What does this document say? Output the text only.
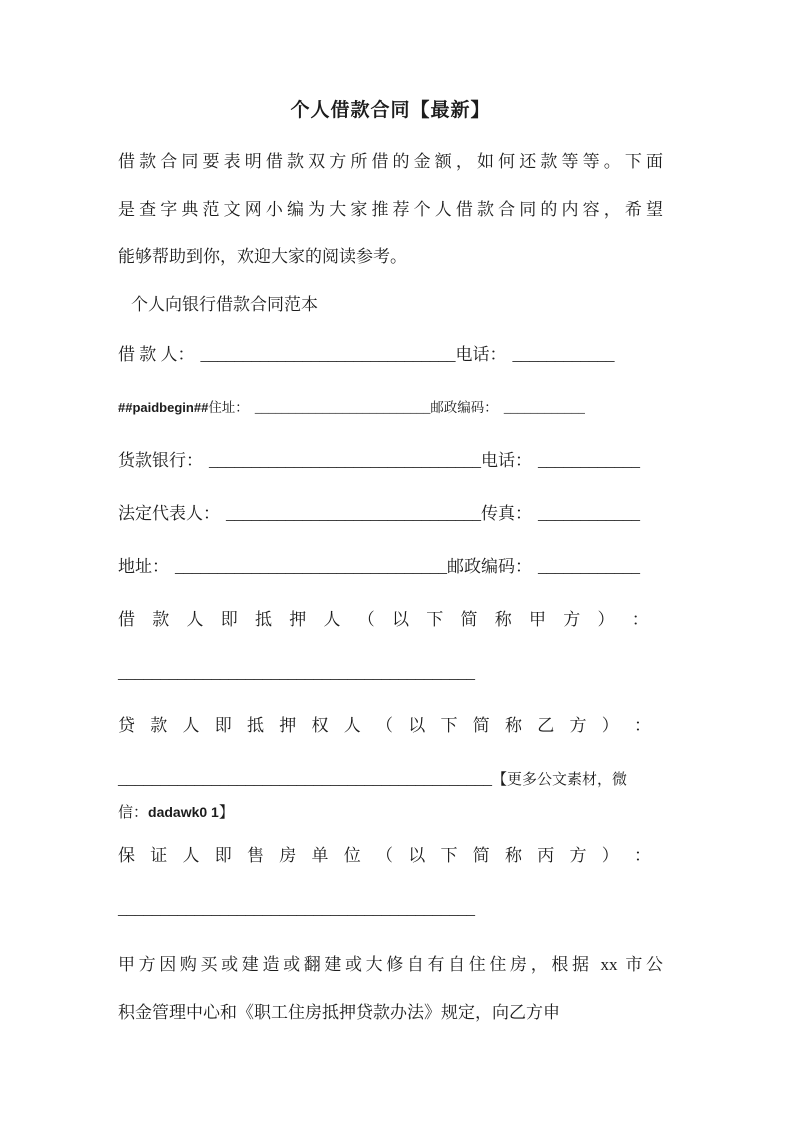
个人借款合同【最新】
借款合同要表明借款双方所借的金额，如何还款等等。下面
是查字典范文网小编为大家推荐个人借款合同的内容，希望
能够帮助到你，欢迎大家的阅读参考。
个人向银行借款合同范本
借 款 人： ______________________________电话： ____________
##paidbegin##住址： __________________________邮政编码： ____________
货款银行： ________________________________电话： ____________
法定代表人： ______________________________传真： ____________
地址： ________________________________邮政编码： ____________
借 款 人 即 抵 押 人 （ 以 下 简 称 甲 方 ） ：
__________________________________________
贷 款 人 即 抵 押 权 人 （ 以 下 简 称 乙 方 ） ：
____________________________________________【更多公文素材，微
信：dadawk0 1】
保 证 人 即 售 房 单 位 （ 以 下 简 称 丙 方 ） ：
__________________________________________
甲方因购买或建造或翻建或大修自有自住住房，根据 xx 市公
积金管理中心和《职工住房抵押贷款办法》规定，向乙方申
